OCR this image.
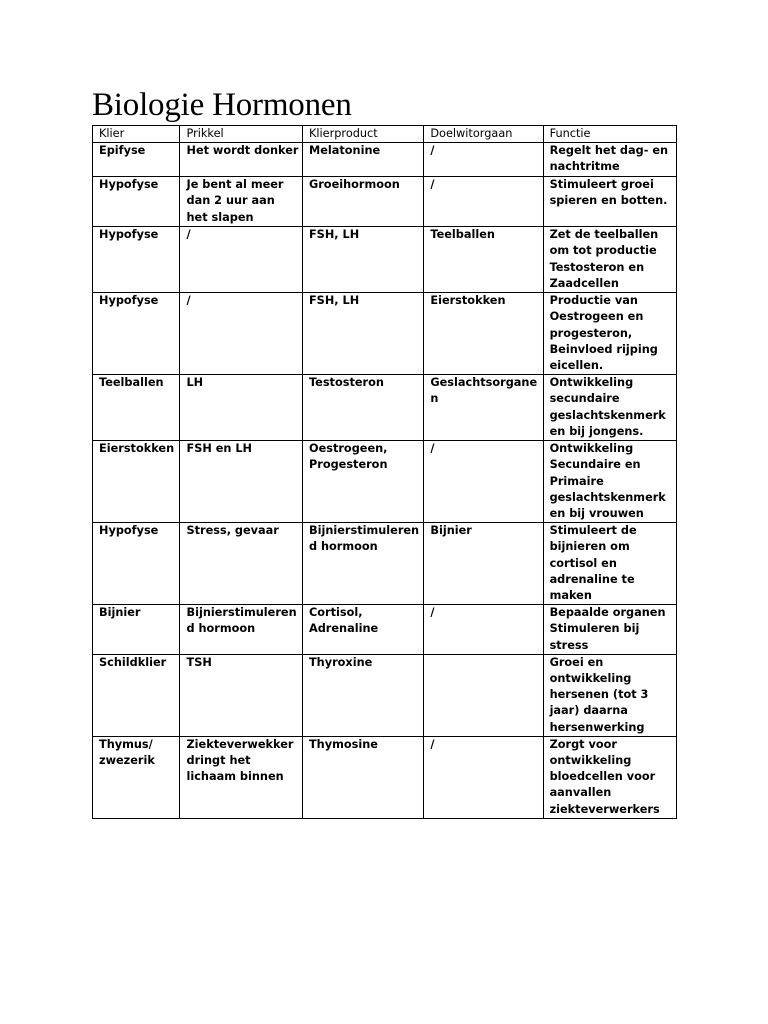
Biologie Hormonen
Klier	Prikkel	Klierproduct	Doelwitorgaan	Functie
Epifyse	Het wordt donker	Melatonine	/	Regelt het dag- en nachtritme
Hypofyse	Je bent al meer dan 2 uur aan het slapen	Groeihormoon	/	Stimuleert groei spieren en botten.
Hypofyse	/	FSH, LH	Teelballen	Zet de teelballen om tot productie Testosteron en Zaadcellen
Hypofyse	/	FSH, LH	Eierstokken	Productie van Oestrogeen en progesteron, Beinvloed rijping eicellen.
Teelballen	LH	Testosteron	Geslachtsorganen	Ontwikkeling secundaire geslachtskenmerken bij jongens.
Eierstokken	FSH en LH	Oestrogeen, Progesteron	/	Ontwikkeling Secundaire en Primaire geslachtskenmerken bij vrouwen
Hypofyse	Stress, gevaar	Bijnierstimulerend hormoon	Bijnier	Stimuleert de bijnieren om cortisol en adrenaline te maken
Bijnier	Bijnierstimulerend hormoon	Cortisol, Adrenaline	/	Bepaalde organen Stimuleren bij stress
Schildklier	TSH	Thyroxine		Groei en ontwikkeling hersenen (tot 3 jaar) daarna hersenwerking
Thymus/ zwezerik	Ziekteverwekker dringt het lichaam binnen	Thymosine	/	Zorgt voor ontwikkeling bloedcellen voor aanvallen ziekteverwerkers
